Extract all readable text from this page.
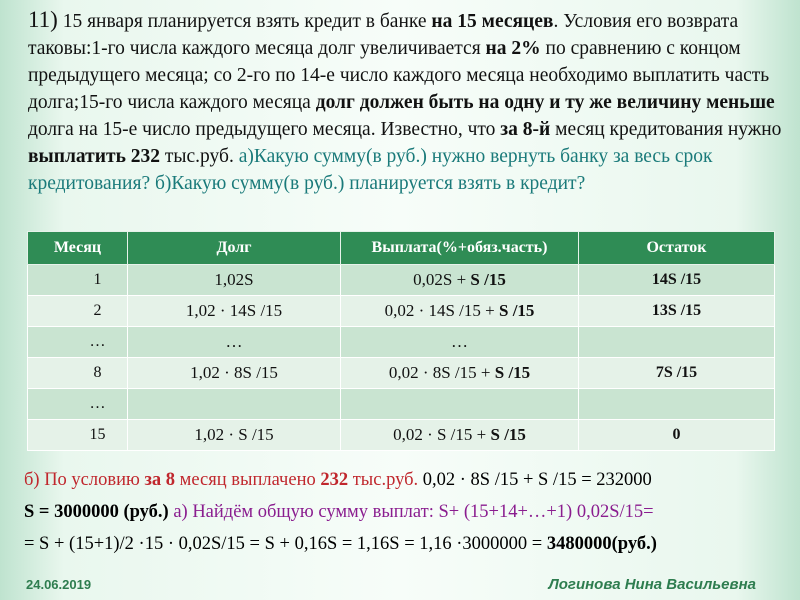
11) 15 января планируется взять кредит в банке на 15 месяцев. Условия его возврата таковы:1-го числа каждого месяца долг увеличивается на 2% по сравнению с концом предыдущего месяца; со 2-го по 14-е число каждого месяца необходимо выплатить часть долга;15-го числа каждого месяца долг должен быть на одну и ту же величину меньше долга на 15-е число предыдущего месяца. Известно, что за 8-й месяц кредитования нужно выплатить 232 тыс.руб. а)Какую сумму(в руб.) нужно вернуть банку за весь срок кредитования? б)Какую сумму(в руб.) планируется взять в кредит?
Месяц	Долг	Выплата(%+обяз.часть)	Остаток
1	1,02S	0,02S + S /15	14S /15
2	1,02 · 14S /15	0,02 · 14S /15 + S /15	13S /15
…	…	…	
8	1,02 · 8S /15	0,02 · 8S /15 + S /15	7S /15
…			
15	1,02 · S /15	0,02 · S /15 + S /15	0
б) По условию за 8 месяц выплачено 232 тыс.руб. 0,02 · 8S /15 + S /15 = 232000
S = 3000000 (руб.) а) Найдём общую сумму выплат: S+ (15+14+…+1) 0,02S/15=
= S + (15+1)/2 ·15 · 0,02S/15 = S + 0,16S = 1,16S = 1,16 ·3000000 = 3480000(руб.)
24.06.2019	Логинова Нина Васильевна
